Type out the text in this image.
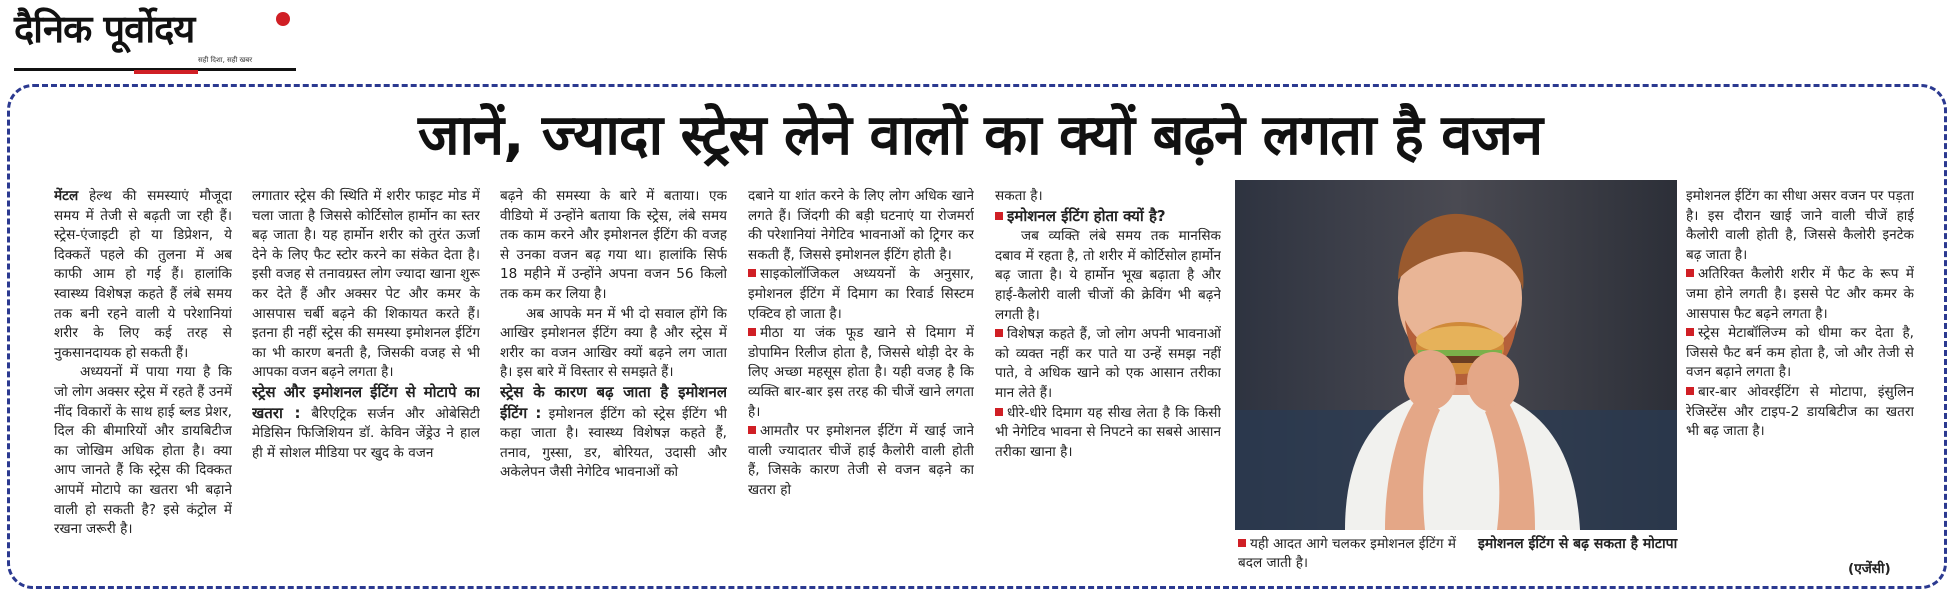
दैनिक पूर्वोदय
सही दिशा, सही खबर
जानें, ज्यादा स्ट्रेस लेने वालों का क्यों बढ़ने लगता है वजन

मेंटल हेल्थ की समस्याएं मौजूदा समय में तेजी से बढ़ती जा रही हैं। स्ट्रेस-एंजाइटी हो या डिप्रेशन, ये दिक्कतें पहले की तुलना में अब काफी आम हो गई हैं। हालांकि स्वास्थ्य विशेषज्ञ कहते हैं लंबे समय तक बनी रहने वाली ये परेशानियां शरीर के लिए कई तरह से नुकसानदायक हो सकती हैं।

अध्ययनों में पाया गया है कि जो लोग अक्सर स्ट्रेस में रहते हैं उनमें नींद विकारों के साथ हाई ब्लड प्रेशर, दिल की बीमारियों और डायबिटीज का जोखिम अधिक होता है। क्या आप जानते हैं कि स्ट्रेस की दिक्कत आपमें मोटापे का खतरा भी बढ़ाने वाली हो सकती है? इसे कंट्रोल में रखना जरूरी है।

लगातार स्ट्रेस की स्थिति में शरीर फाइट मोड में चला जाता है जिससे कोर्टिसोल हार्मोन का स्तर बढ़ जाता है। यह हार्मोन शरीर को तुरंत ऊर्जा देने के लिए फैट स्टोर करने का संकेत देता है। इसी वजह से तनावग्रस्त लोग ज्यादा खाना शुरू कर देते हैं और अक्सर पेट और कमर के आसपास चर्बी बढ़ने की शिकायत करते हैं। इतना ही नहीं स्ट्रेस की समस्या इमोशनल ईटिंग का भी कारण बनती है, जिसकी वजह से भी आपका वजन बढ़ने लगता है।

स्ट्रेस और इमोशनल ईटिंग से मोटापे का खतरा : बैरिएट्रिक सर्जन और ओबेसिटी मेडिसिन फिजिशियन डॉ. केविन जेंड्रेउ ने हाल ही में सोशल मीडिया पर खुद के वजन

बढ़ने की समस्या के बारे में बताया। एक वीडियो में उन्होंने बताया कि स्ट्रेस, लंबे समय तक काम करने और इमोशनल ईटिंग की वजह से उनका वजन बढ़ गया था। हालांकि सिर्फ 18 महीने में उन्होंने अपना वजन 56 किलो तक कम कर लिया है।

अब आपके मन में भी दो सवाल होंगे कि आखिर इमोशनल ईटिंग क्या है और स्ट्रेस में शरीर का वजन आखिर क्यों बढ़ने लग जाता है। इस बारे में विस्तार से समझते हैं।

स्ट्रेस के कारण बढ़ जाता है इमोशनल ईटिंग : इमोशनल ईटिंग को स्ट्रेस ईटिंग भी कहा जाता है। स्वास्थ्य विशेषज्ञ कहते हैं, तनाव, गुस्सा, डर, बोरियत, उदासी और अकेलेपन जैसी नेगेटिव भावनाओं को

दबाने या शांत करने के लिए लोग अधिक खाने लगते हैं। जिंदगी की बड़ी घटनाएं या रोजमर्रा की परेशानियां नेगेटिव भावनाओं को ट्रिगर कर सकती हैं, जिससे इमोशनल ईटिंग होती है।

साइकोलॉजिकल अध्ययनों के अनुसार, इमोशनल ईटिंग में दिमाग का रिवार्ड सिस्टम एक्टिव हो जाता है।

मीठा या जंक फूड खाने से दिमाग में डोपामिन रिलीज होता है, जिससे थोड़ी देर के लिए अच्छा महसूस होता है। यही वजह है कि व्यक्ति बार-बार इस तरह की चीजें खाने लगता है।

आमतौर पर इमोशनल ईटिंग में खाई जाने वाली ज्यादातर चीजें हाई कैलोरी वाली होती हैं, जिसके कारण तेजी से वजन बढ़ने का खतरा हो

सकता है।

इमोशनल ईटिंग होता क्यों है?

जब व्यक्ति लंबे समय तक मानसिक दबाव में रहता है, तो शरीर में कोर्टिसोल हार्मोन बढ़ जाता है। ये हार्मोन भूख बढ़ाता है और हाई-कैलोरी वाली चीजों की क्रेविंग भी बढ़ने लगती है।

विशेषज्ञ कहते हैं, जो लोग अपनी भावनाओं को व्यक्त नहीं कर पाते या उन्हें समझ नहीं पाते, वे अधिक खाने को एक आसान तरीका मान लेते हैं।

धीरे-धीरे दिमाग यह सीख लेता है कि किसी भी नेगेटिव भावना से निपटने का सबसे आसान तरीका खाना है।

इमोशनल ईटिंग का सीधा असर वजन पर पड़ता है। इस दौरान खाई जाने वाली चीजें हाई कैलोरी वाली होती है, जिससे कैलोरी इनटेक बढ़ जाता है।

अतिरिक्त कैलोरी शरीर में फैट के रूप में जमा होने लगती है। इससे पेट और कमर के आसपास फैट बढ़ने लगता है।

स्ट्रेस मेटाबॉलिज्म को धीमा कर देता है, जिससे फैट बर्न कम होता है, जो और तेजी से वजन बढ़ाने लगता है।

बार-बार ओवरईटिंग से मोटापा, इंसुलिन रेजिस्टेंस और टाइप-2 डायबिटीज का खतरा भी बढ़ जाता है।

यही आदत आगे चलकर इमोशनल ईटिंग में बदल जाती है।
इमोशनल ईटिंग से बढ़ सकता है मोटापा
(एजेंसी)
